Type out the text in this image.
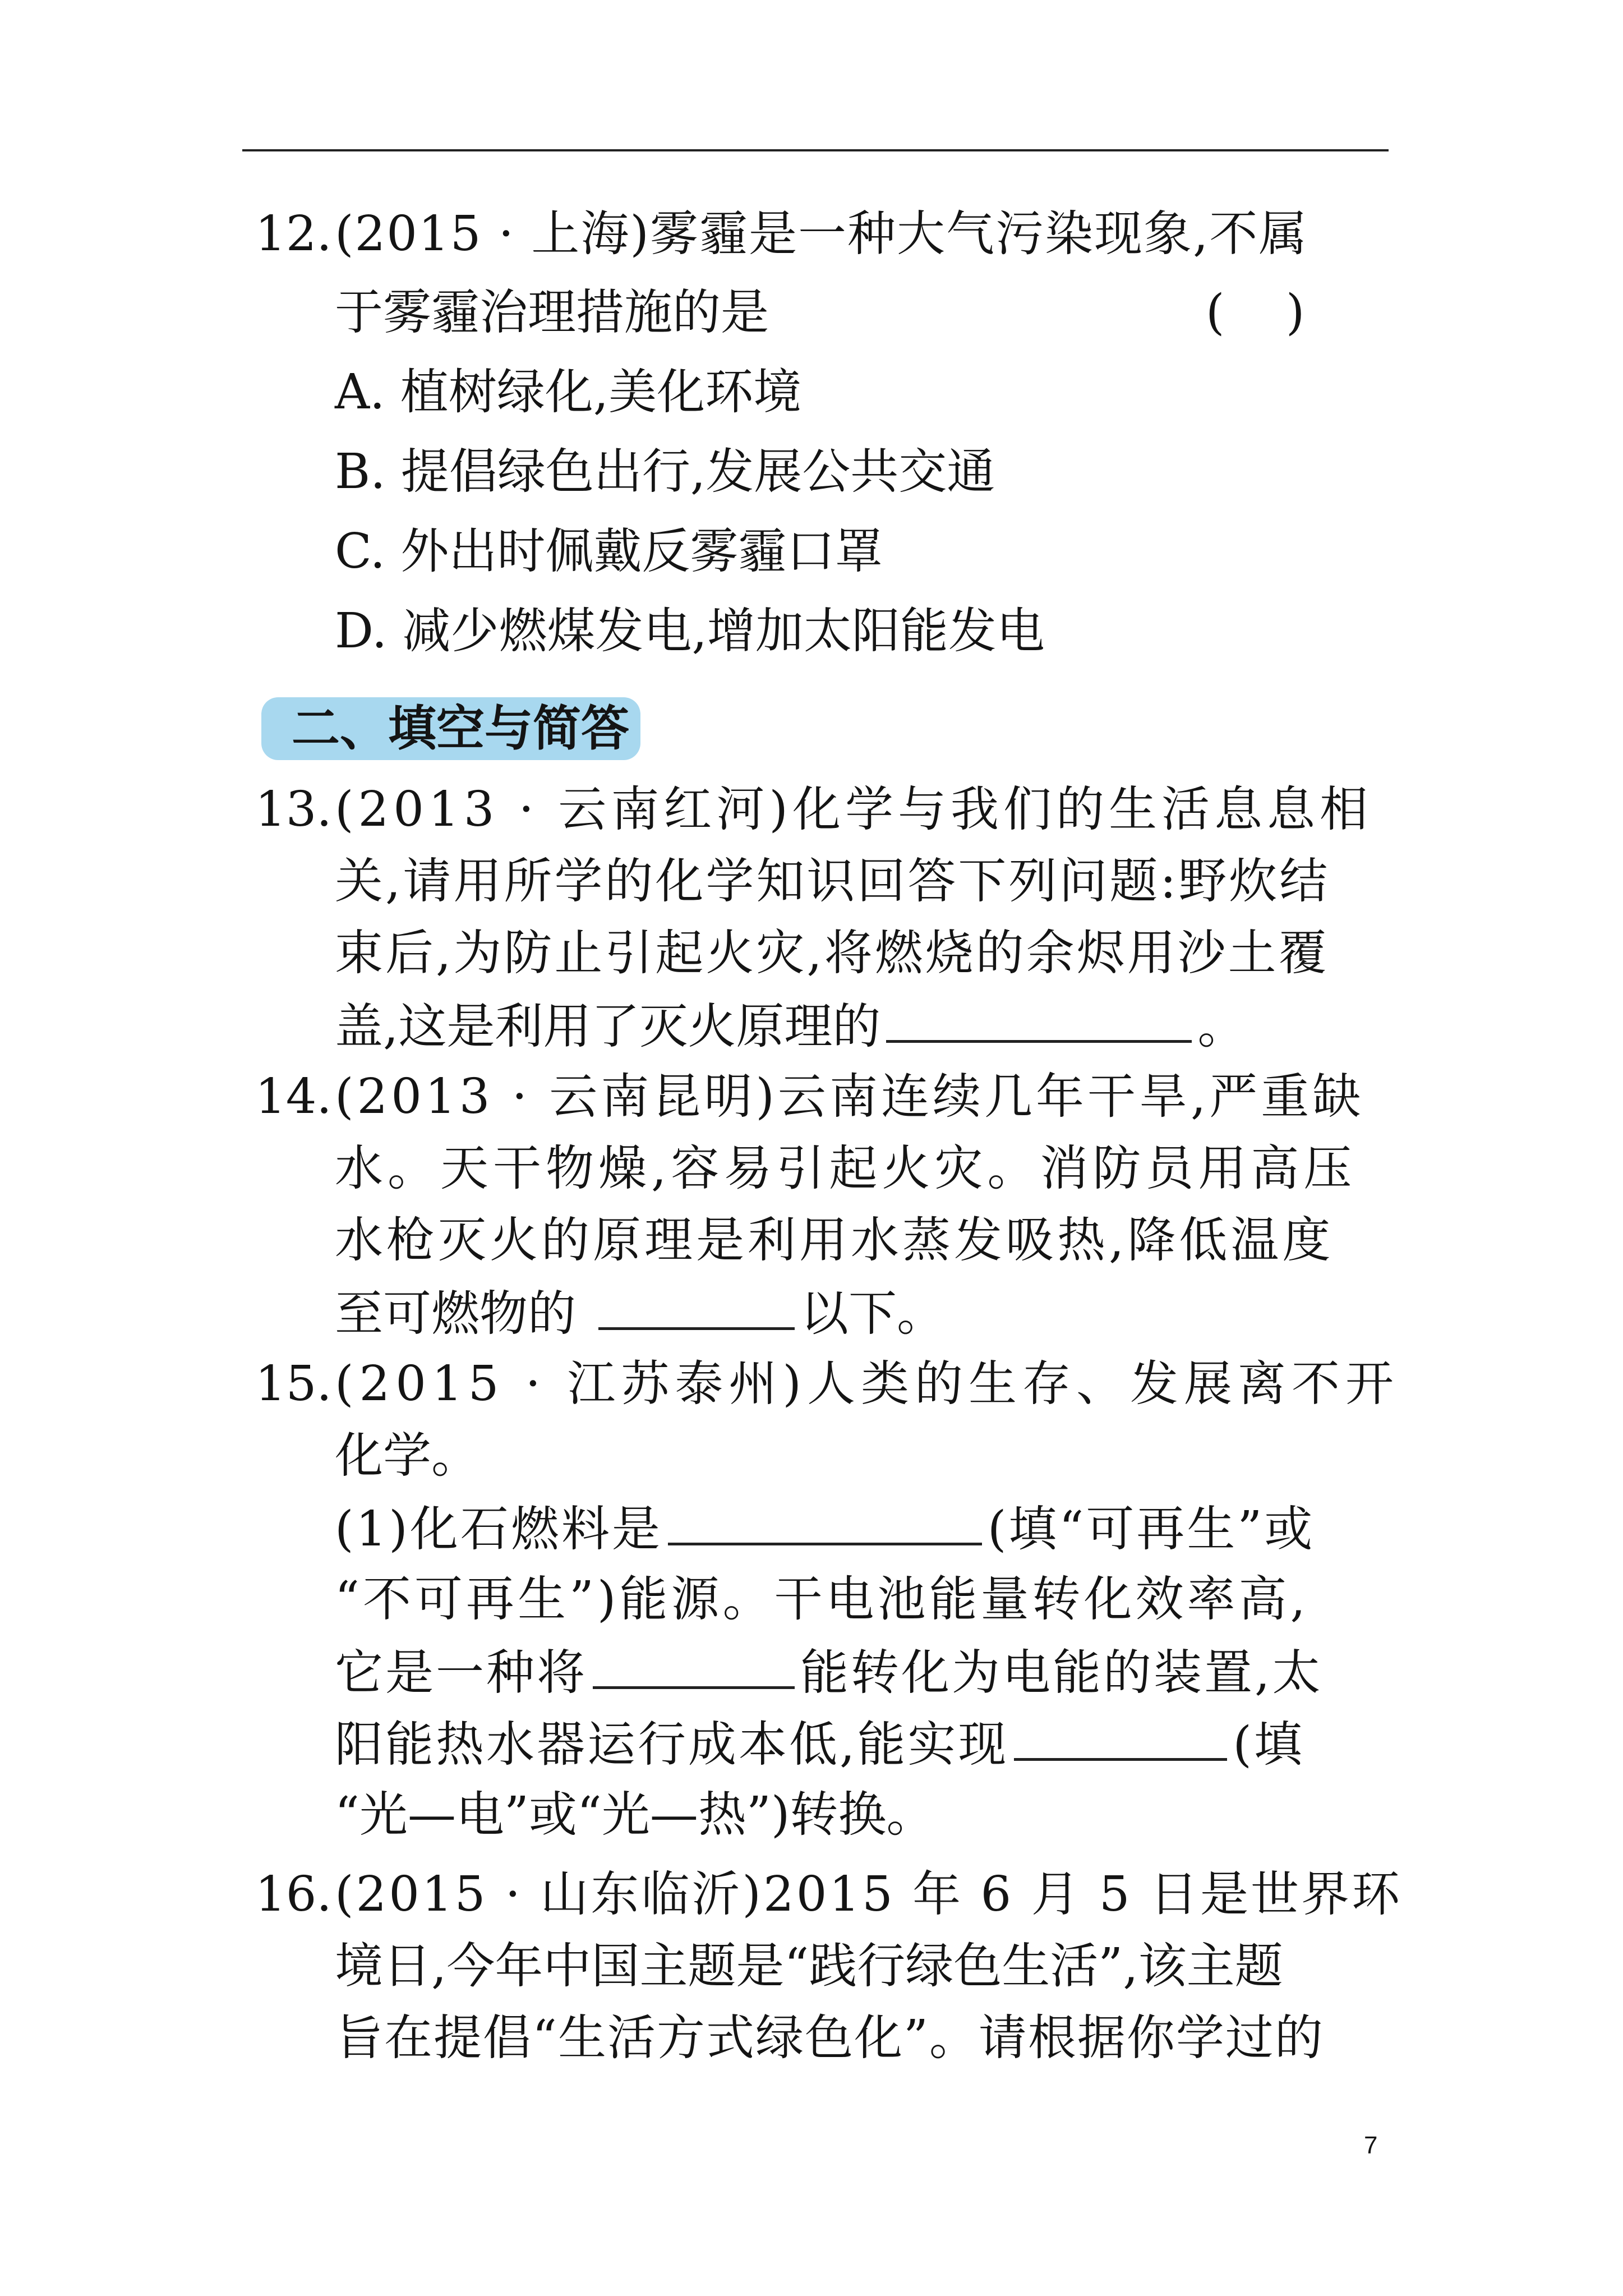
12. (2015 · 上海)雾霾是一种大气污染现象,不属
于雾霾治理措施的是	(    )
A. 植树绿化,美化环境
B. 提倡绿色出行,发展公共交通
C. 外出时佩戴反雾霾口罩
D. 减少燃煤发电,增加太阳能发电
二、填空与简答
13. (2013 · 云南红河)化学与我们的生活息息相
关,请用所学的化学知识回答下列问题:野炊结
束后,为防止引起火灾,将燃烧的余烬用沙土覆
盖,这是利用了灭火原理的	。
14. (2013 · 云南昆明)云南连续几年干旱,严重缺
水。天干物燥,容易引起火灾。消防员用高压
水枪灭火的原理是利用水蒸发吸热,降低温度
至可燃物的	以下。
15. (2015 · 江苏泰州)人类的生存、发展离不开
化学。
(1)化石燃料是	(填“可再生”或
“不可再生”)能源。干电池能量转化效率高,
它是一种将	能转化为电能的装置,太
阳能热水器运行成本低,能实现	(填
“光—电”或“光—热”)转换。
16. (2015 · 山东临沂)2015 年 6 月 5 日是世界环
境日,今年中国主题是“践行绿色生活”,该主题
旨在提倡“生活方式绿色化”。请根据你学过的
7
